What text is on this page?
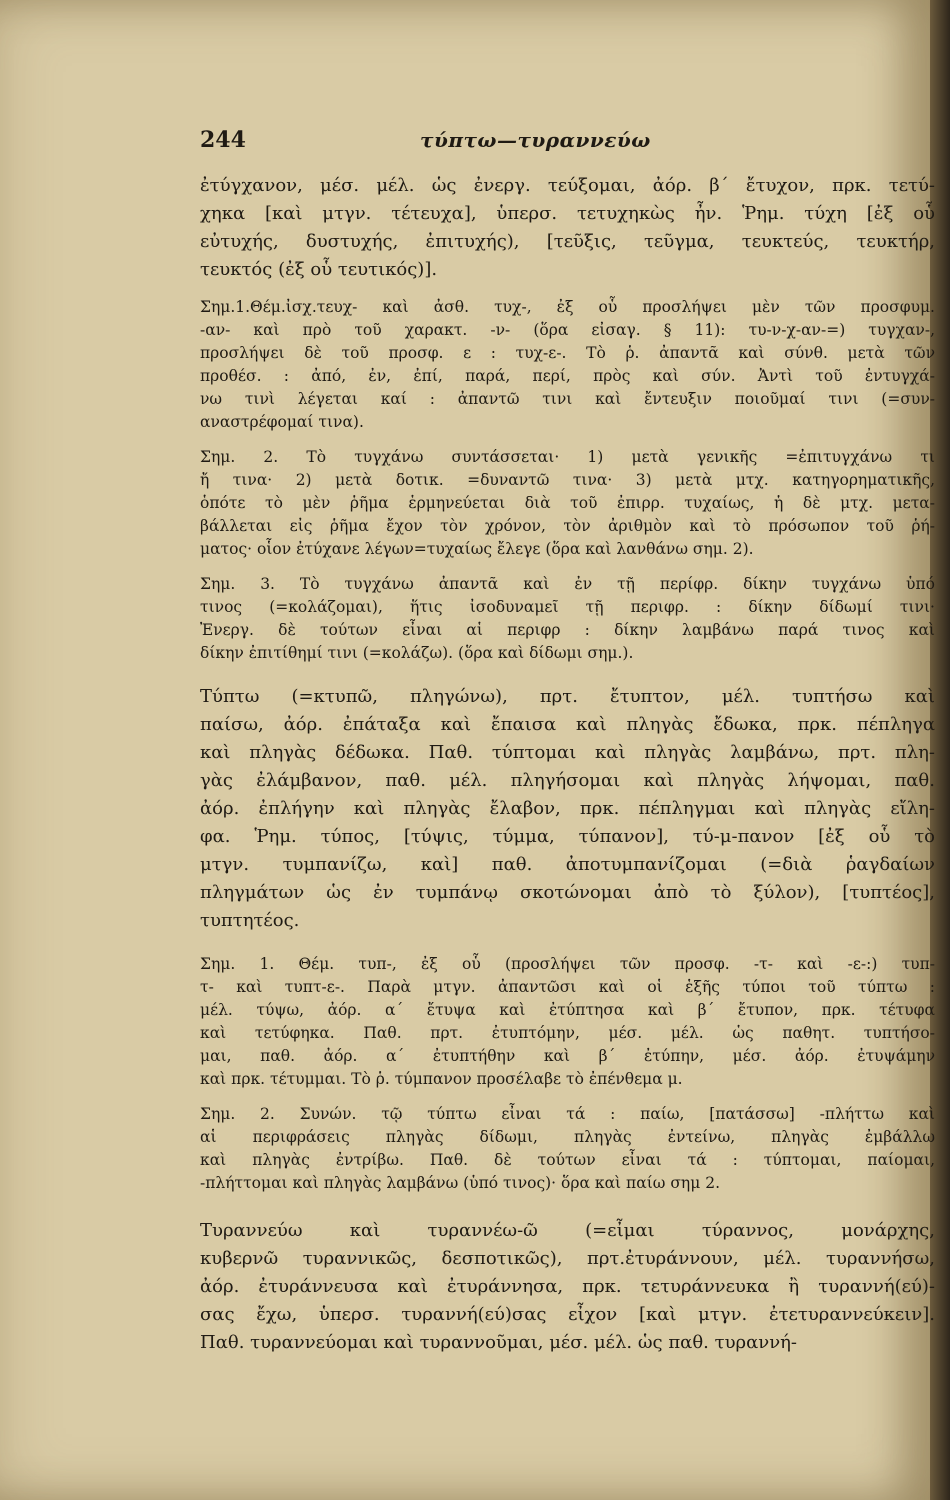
244	τύπτω—τυραννεύω
ἐτύγχανον, μέσ. μέλ. ὡς ἐνεργ. τεύξομαι, ἀόρ. β´ ἔτυχον, πρκ. τετύ-
χηκα [καὶ μτγν. τέτευχα], ὑπερσ. τετυχηκὼς ἦν. Ῥημ. τύχη [ἐξ οὗ
εὐτυχής, δυστυχής, ἐπιτυχής), [τεῦξις, τεῦγμα, τευκτεύς, τευκτήρ,
τευκτός (ἐξ οὗ τευτικός)].
Σημ.1.Θέμ.ἰσχ.τευχ- καὶ ἀσθ. τυχ-, ἐξ οὗ προσλήψει μὲν τῶν προσφυμ.
-αν- καὶ πρὸ τοῦ χαρακτ. -ν- (ὅρα εἰσαγ. § 11): τυ-ν-χ-αν-=) τυγχαν-,
προσλήψει δὲ τοῦ προσφ. ε : τυχ-ε-. Τὸ ῥ. ἀπαντᾶ καὶ σύνθ. μετὰ τῶν
προθέσ. : ἀπό, ἐν, ἐπί, παρά, περί, πρὸς καὶ σύν. Ἀντὶ τοῦ ἐντυγχά-
νω τινὶ λέγεται καί : ἀπαντῶ τινι καὶ ἔντευξιν ποιοῦμαί τινι (=συν-
αναστρέφομαί τινα).
Σημ. 2. Τὸ τυγχάνω συντάσσεται· 1) μετὰ γενικῆς =ἐπιτυγχάνω τι
ἤ τινα· 2) μετὰ δοτικ. =δυναντῶ τινα· 3) μετὰ μτχ. κατηγορηματικῆς,
ὁπότε τὸ μὲν ῥῆμα ἑρμηνεύεται διὰ τοῦ ἐπιρρ. τυχαίως, ἡ δὲ μτχ. μετα-
βάλλεται εἰς ῥῆμα ἔχον τὸν χρόνον, τὸν ἀριθμὸν καὶ τὸ πρόσωπον τοῦ ῥή-
ματος· οἷον ἐτύχανε λέγων=τυχαίως ἔλεγε (ὅρα καὶ λανθάνω σημ. 2).
Σημ. 3. Τὸ τυγχάνω ἀπαντᾶ καὶ ἐν τῇ περίφρ. δίκην τυγχάνω ὑπό
τινος (=κολάζομαι), ἥτις ἰσοδυναμεῖ τῇ περιφρ. : δίκην δίδωμί τινι·
Ἐνεργ. δὲ τούτων εἶναι αἱ περιφρ : δίκην λαμβάνω παρά τινος καὶ
δίκην ἐπιτίθημί τινι (=κολάζω). (ὅρα καὶ δίδωμι σημ.).
Τύπτω (=κτυπῶ, πληγώνω), πρτ. ἔτυπτον, μέλ. τυπτήσω καὶ
παίσω, ἀόρ. ἐπάταξα καὶ ἔπαισα καὶ πληγὰς ἔδωκα, πρκ. πέπληγα
καὶ πληγὰς δέδωκα. Παθ. τύπτομαι καὶ πληγὰς λαμβάνω, πρτ. πλη-
γὰς ἐλάμβανον, παθ. μέλ. πληγήσομαι καὶ πληγὰς λήψομαι, παθ.
ἀόρ. ἐπλήγην καὶ πληγὰς ἔλαβον, πρκ. πέπληγμαι καὶ πληγὰς εἴλη-
φα. Ῥημ. τύπος, [τύψις, τύμμα, τύπανον], τύ-μ-πανον [ἐξ οὗ τὸ
μτγν. τυμπανίζω, καὶ] παθ. ἀποτυμπανίζομαι (=διὰ ῥαγδαίων
πληγμάτων ὡς ἐν τυμπάνῳ σκοτώνομαι ἀπὸ τὸ ξύλον), [τυπτέος],
τυπτητέος.
Σημ. 1. Θέμ. τυπ-, ἐξ οὗ (προσλήψει τῶν προσφ. -τ- καὶ -ε-:) τυπ-
τ- καὶ τυπτ-ε-. Παρὰ μτγν. ἀπαντῶσι καὶ οἱ ἑξῆς τύποι τοῦ τύπτω :
μέλ. τύψω, ἀόρ. α´ ἔτυψα καὶ ἐτύπτησα καὶ β´ ἔτυπον, πρκ. τέτυφα
καὶ τετύφηκα. Παθ. πρτ. ἐτυπτόμην, μέσ. μέλ. ὡς παθητ. τυπτήσο-
μαι, παθ. ἀόρ. α´ ἐτυπτήθην καὶ β´ ἐτύπην, μέσ. ἀόρ. ἐτυψάμην
καὶ πρκ. τέτυμμαι. Τὸ ῥ. τύμπανον προσέλαβε τὸ ἐπένθεμα μ.
Σημ. 2. Συνών. τῷ τύπτω εἶναι τά : παίω, [πατάσσω] -πλήττω καὶ
αἱ περιφράσεις πληγὰς δίδωμι, πληγὰς ἐντείνω, πληγὰς ἐμβάλλω
καὶ πληγὰς ἐντρίβω. Παθ. δὲ τούτων εἶναι τά : τύπτομαι, παίομαι,
-πλήττομαι καὶ πληγὰς λαμβάνω (ὑπό τινος)· ὅρα καὶ παίω σημ 2.
Τυραννεύω καὶ τυραννέω-ῶ (=εἶμαι τύραννος, μονάρχης,
κυβερνῶ τυραννικῶς, δεσποτικῶς), πρτ.ἐτυράννουν, μέλ. τυραννήσω,
ἀόρ. ἐτυράννευσα καὶ ἐτυράννησα, πρκ. τετυράννευκα ἢ τυραννή(εύ)-
σας ἔχω, ὑπερσ. τυραννή(εύ)σας εἶχον [καὶ μτγν. ἐτετυραννεύκειν].
Παθ. τυραννεύομαι καὶ τυραννοῦμαι, μέσ. μέλ. ὡς παθ. τυραννή-
